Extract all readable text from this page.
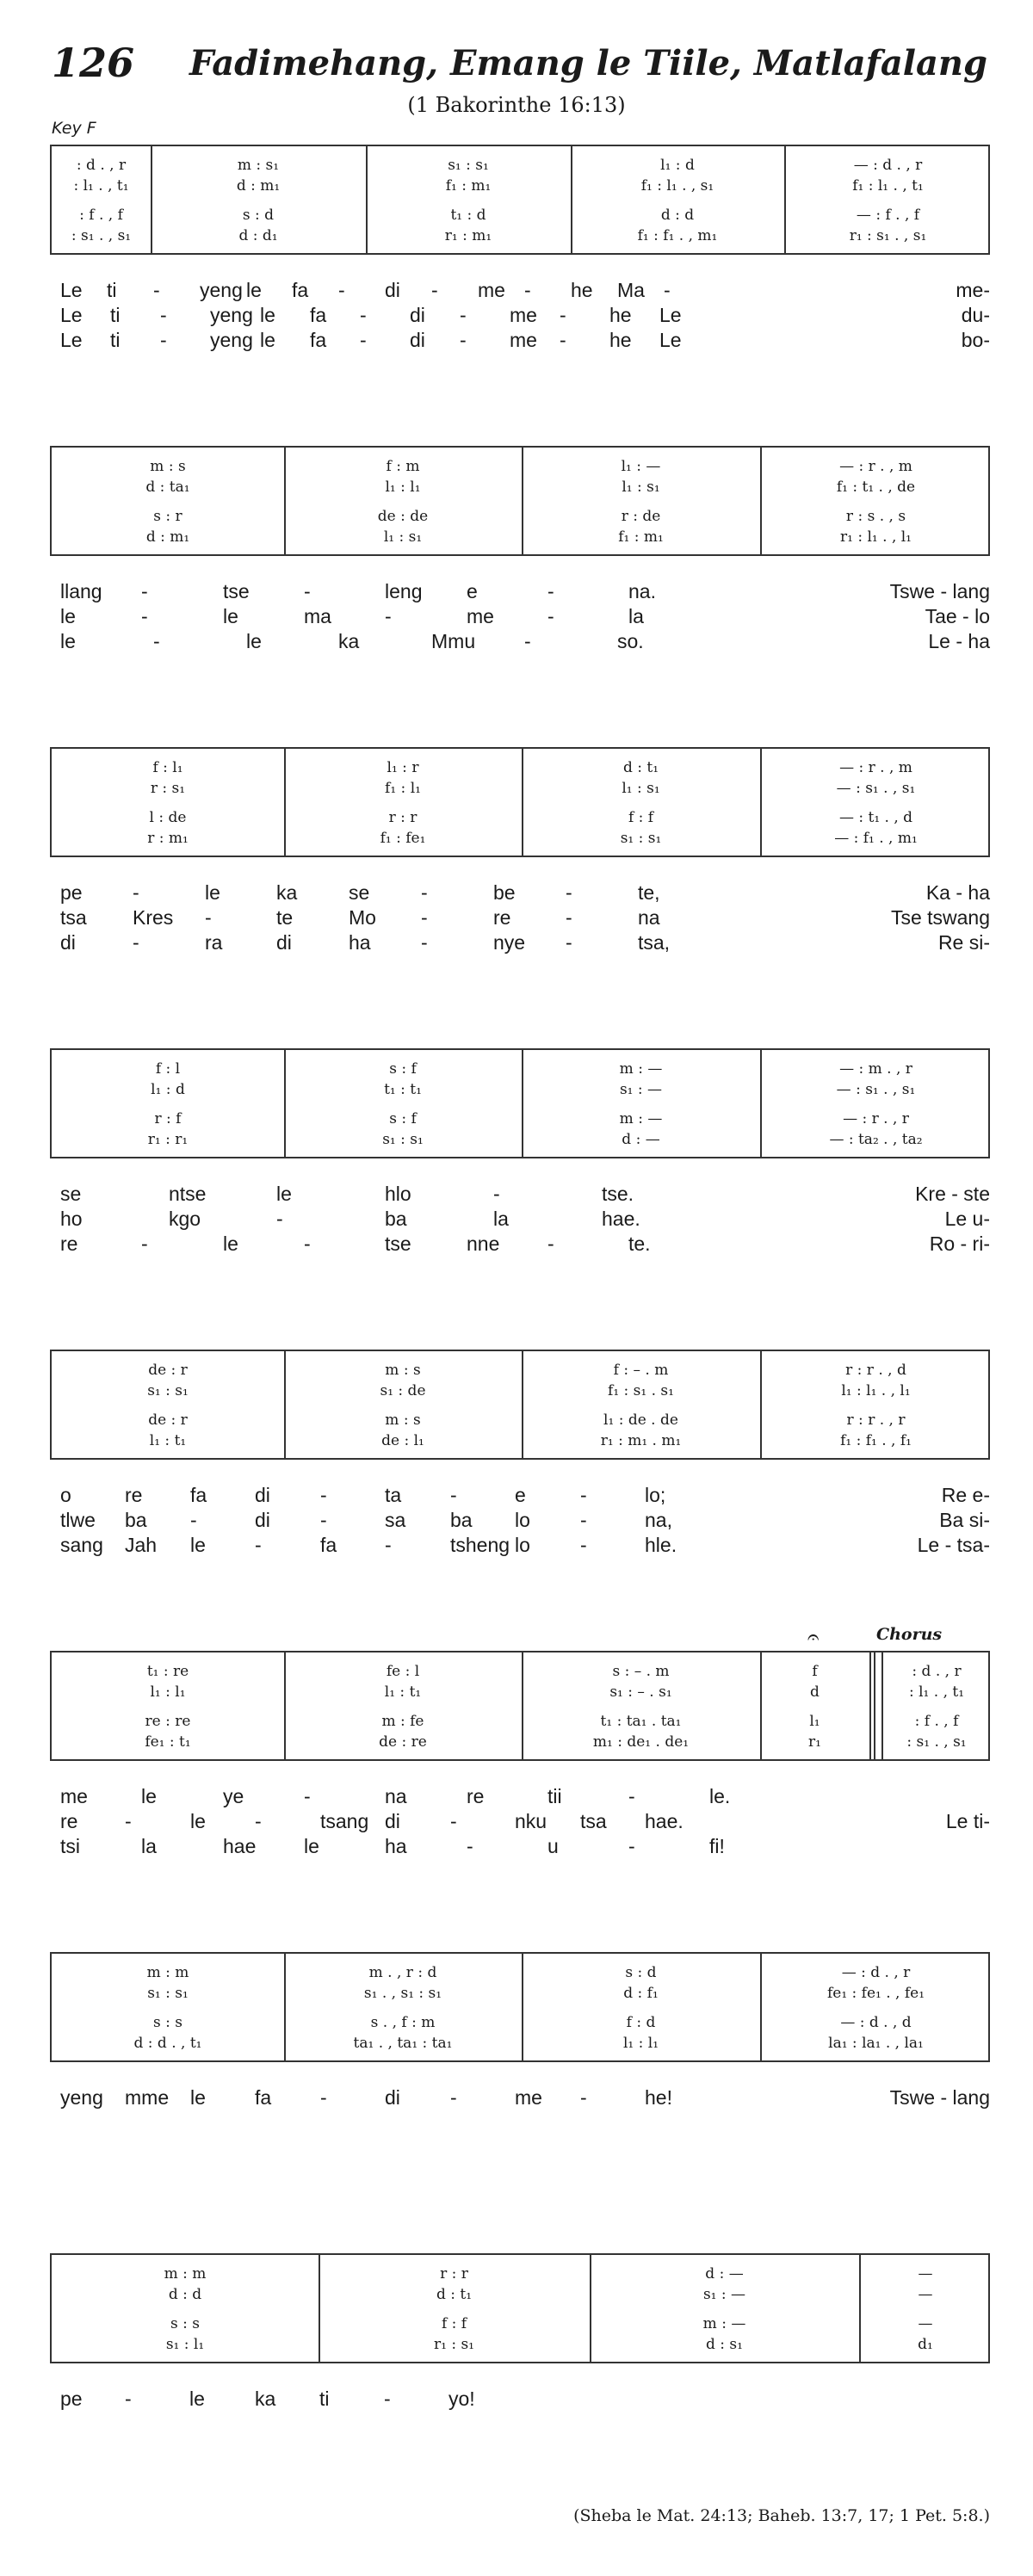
126 Fadimehang, Emang le Tiile, Matlafalang
(1 Bakorinthe 16:13)
Key F
: d . , r	m : s₁	s₁ : s₁	l₁ : d	— : d . , r
: l₁ . , t₁	d : m₁	f₁ : m₁	f₁ : l₁ . , s₁	f₁ : l₁ . , t₁
: f . , f	s : d	t₁ : d	d : d	— : f . , f
: s₁ . , s₁	d : d₁	r₁ : m₁	f₁ : f₁ . , m₁	r₁ : s₁ . , s₁
Le ti - yeng le fa - di - me - he Ma -	me-
Le ti - yeng le fa - di - me - he Le	du-
Le ti - yeng le fa - di - me - he Le	bo-
m : s	f : m	l₁ : —	— : r . , m
d : ta₁	l₁ : l₁	l₁ : s₁	f₁ : t₁ . , de
s : r	de : de	r : de	r : s . , s
d : m₁	l₁ : s₁	f₁ : m₁	r₁ : l₁ . , l₁
llang -	tse	-	leng e	-	na.	Tswe - lang
le	-	le	ma	-	me	-	la	Tae - lo
le	-	le	ka	Mmu -	so.	Le - ha
f : l₁	l₁ : r	d : t₁	— : r . , m
r : s₁	f₁ : l₁	l₁ : s₁	— : s₁ . , s₁
l : de	r : r	f : f	— : t₁ . , d
r : m₁	f₁ : fe₁	s₁ : s₁	— : f₁ . , m₁
pe	-	le	ka	se	-	be	-	te,	Ka - ha
tsa Kres -	te	Mo -	re	-	na	Tse tswang
di	-	ra	di	ha	-	nye -	tsa,	Re si-
f : l	s : f	m : —	— : m . , r
l₁ : d	t₁ : t₁	s₁ : —	— : s₁ . , s₁
r : f	s : f	m : —	— : r . , r
r₁ : r₁	s₁ : s₁	d : —	— : ta₂ . , ta₂
se	ntse	le	hlo	-	tse.	Kre - ste
ho	kgo	-	ba	la	hae.	Le u-
re	-	le	-	tse	nne -	te.	Ro - ri-
de : r	m : s	f : – . m	r : r . , d
s₁ : s₁	s₁ : de	f₁ : s₁ . s₁	l₁ : l₁ . , l₁
de : r	m : s	l₁ : de . de	r : r . , r
l₁ : t₁	de : l₁	r₁ : m₁ . m₁	f₁ : f₁ . , f₁
o	re fa di	-	ta -	e	-	lo;	Re e-
tlwe ba -	di	-	sa ba lo	-	na,	Ba si-
sang Jah le -	fa -	tsheng lo	-	hle.	Le - tsa-
t₁ : re	fe : l	s : – . m	f	: d . , r
l₁ : l₁	l₁ : t₁	s₁ : – . s₁	d	: l₁ . , t₁
re : re	m : fe	t₁ : ta₁ . ta₁	l₁	: f . , f
fe₁ : t₁	de : re	m₁ : de₁ . de₁	r₁	: s₁ . , s₁
𝄐	Chorus
me	le	ye	-	na	re	tii	-	le.
re -	le -	tsang di	-	nku tsa hae.	Le ti-
tsi	la	hae le	ha	-	u	-	fi!
m : m	m . , r : d	s : d	— : d . , r
s₁ : s₁	s₁ . , s₁ : s₁	d : f₁	fe₁ : fe₁ . , fe₁
s : s	s . , f : m	f : d	— : d . , d
d : d . , t₁	ta₁ . , ta₁ : ta₁	l₁ : l₁	la₁ : la₁ . , la₁
yeng mme le fa -	di	-	me -	he!	Tswe - lang
m : m	r : r	d : —	—
d : d	d : t₁	s₁ : —	—
s : s	f : f	m : —	—
s₁ : l₁	r₁ : s₁	d : s₁	d₁
pe -	le	ka ti	-	yo!
(Sheba le Mat. 24:13; Baheb. 13:7, 17; 1 Pet. 5:8.)
